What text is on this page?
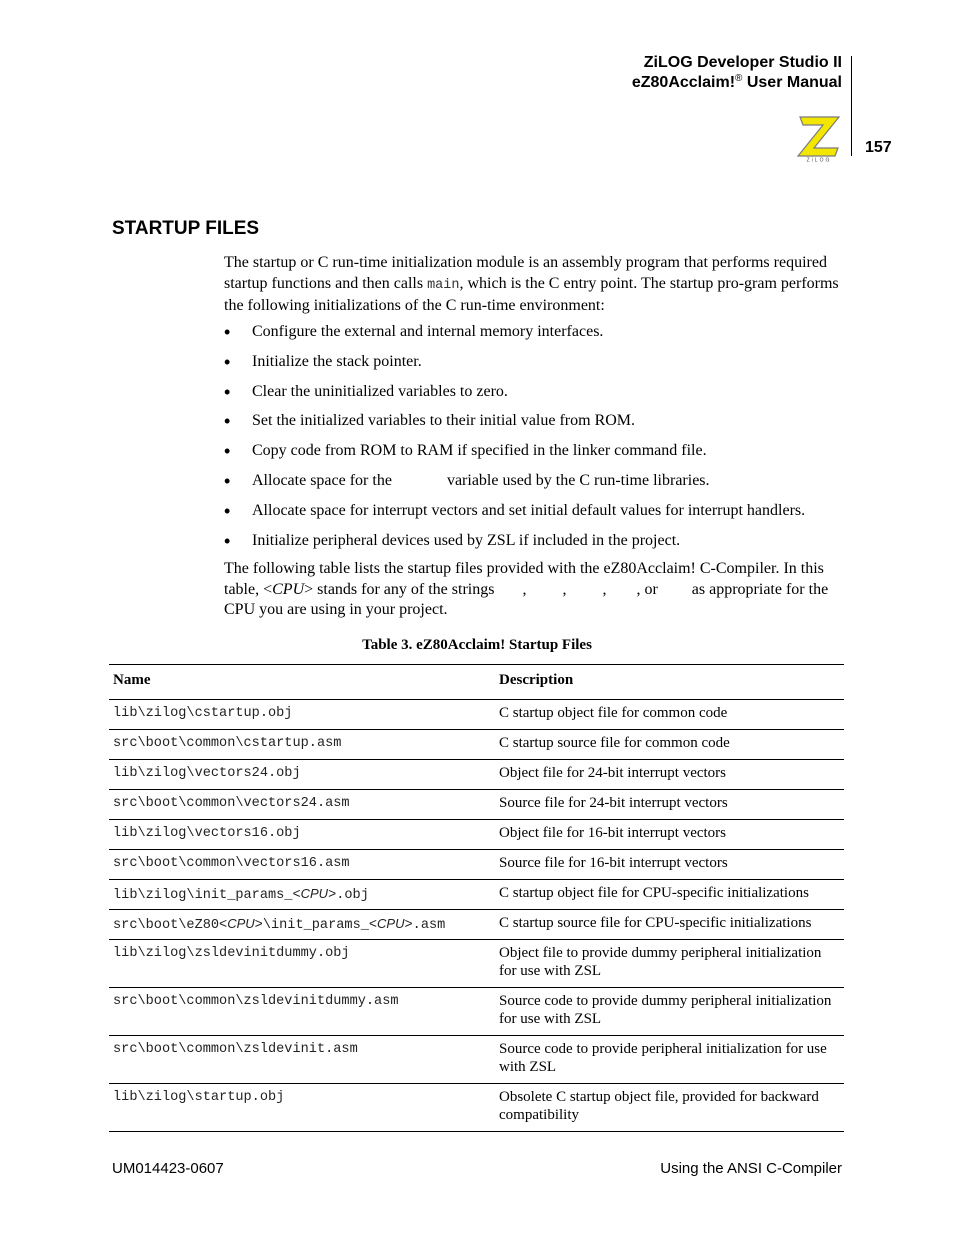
ZiLOG Developer Studio II
eZ80Acclaim!® User Manual
ZiLOG
157
STARTUP FILES
The startup or C run-time initialization module is an assembly program that performs required startup functions and then calls main, which is the C entry point. The startup pro-gram performs the following initializations of the C run-time environment:
• Configure the external and internal memory interfaces.
• Initialize the stack pointer.
• Clear the uninitialized variables to zero.
• Set the initialized variables to their initial value from ROM.
• Copy code from ROM to RAM if specified in the linker command file.
• Allocate space for the	variable used by the C run-time libraries.
• Allocate space for interrupt vectors and set initial default values for interrupt handlers.
• Initialize peripheral devices used by ZSL if included in the project.
The following table lists the startup files provided with the eZ80Acclaim! C-Compiler. In this table, <CPU> stands for any of the strings , , , , or as appropriate for the CPU you are using in your project.
Table 3. eZ80Acclaim! Startup Files
Name	Description
lib\zilog\cstartup.obj	C startup object file for common code
src\boot\common\cstartup.asm	C startup source file for common code
lib\zilog\vectors24.obj	Object file for 24-bit interrupt vectors
src\boot\common\vectors24.asm	Source file for 24-bit interrupt vectors
lib\zilog\vectors16.obj	Object file for 16-bit interrupt vectors
src\boot\common\vectors16.asm	Source file for 16-bit interrupt vectors
lib\zilog\init_params_<CPU>.obj	C startup object file for CPU-specific initializations
src\boot\eZ80<CPU>\init_params_<CPU>.asm	C startup source file for CPU-specific initializations
lib\zilog\zsldevinitdummy.obj	Object file to provide dummy peripheral initialization for use with ZSL
src\boot\common\zsldevinitdummy.asm	Source code to provide dummy peripheral initialization for use with ZSL
src\boot\common\zsldevinit.asm	Source code to provide peripheral initialization for use with ZSL
lib\zilog\startup.obj	Obsolete C startup object file, provided for backward compatibility
UM014423-0607	Using the ANSI C-Compiler
